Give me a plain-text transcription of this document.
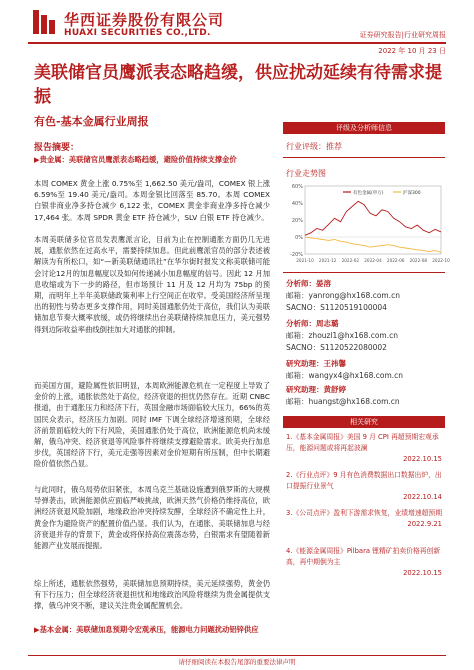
华西证券股份有限公司
HUAXI SECURITIES CO.,LTD.	证券研究报告|行业研究周报
2022 年 10 月 23 日
美联储官员鹰派表态略趋缓，供应扰动延续有待需求提振
有色-基本金属行业周报	评级及分析师信息
行业评级：推荐
行业走势图
有色金属(申万)	沪深300
60%
40%
20%
0%
-20%
2021-10 2021-12 2022-02 2022-04 2022-06 2022-08 2022-10
分析师：晏溶
邮箱：yanrong@hx168.com.cn
SACNO：S1120519100004
分析师：周志璐
邮箱：zhouzl1@hx168.com.cn
SACNO：S1120522080002
研究助理：王祎馨
邮箱：wangyx4@hx168.com.cn
研究助理：黄舒婷
邮箱：huangst@hx168.com.cn
相关研究
1.《基本金属周报》美国 9 月 CPI 再超预期宏观承压，能源问题或将再起波澜
2022.10.15
2.《行业点评》9 月有色消费数据出口数据出炉，出口提振行业景气
2022.10.14
3.《公司点评》盈利下游需求恢复，业绩增速超预期
2022.9.21
4.《能源金属周报》Pilbara 锂精矿拍卖价格再创新高，再中期倒为主
2022.10.15
报告摘要：
▶贵金属：美联储官员鹰派表态略趋缓，避险价值持续支撑金价
本周 COMEX 黄金上涨 0.75%至 1,662.50 美元/盎司，COMEX 银上涨 6.59%至 19.40 美元/盎司。本周金银比回落至 85.70。本周 COMEX 白银非商业净多持仓减少 6,122 张，COMEX 黄金非商业净多持仓减少 17,464 张。本周 SPDR 黄金 ETF 持仓减少，SLV 白银 ETF 持仓减少。
本周美联储多位官员发表鹰派言论，目前为止在控制通胀方面仍几无进展，通胀依然在过高水平，需要持续加息。但此前鹰派官员的部分表述被解读为有所松口，如“—新美联储通讯社”在华尔街时报发文称美联储可能会讨论12月的加息幅度以及如何传递减小加息幅度的信号。因此 12 月加息收缩或为下一步的路径，但市场预计 11 月及 12 月均为 75bp 的预期，而明年上半年美联储政策利率上行空间正在收窄。受美国经济所呈现出的韧性与势态更多支撑作用，同时美国通胀仍处于高位，我们认为美联储加息节奏大概率放缓，或仍将继续出台美联储持续加息压力，美元强势得到边际收益率曲线倒挂加大对通胀的抑制。
而美国方面，避险属性依旧明显，本周欧洲能源危机在一定程度上导致了金价的上涨，通胀依然处于高位，经济衰退的担忧仍然存在。近期 CNBC 报道，由于通胀压力和经济下行，英国金融市场面临较大压力，66%的英国民众表示，经济压力加剧。同时 IMF 下调全球经济增速预期，全球经济前景面临较大的下行风险，美国通胀仍处于高位，欧洲能源危机尚未缓解，俄乌冲突、经济衰退等风险事件将继续支撑避险需求。欧美央行加息步伐，英国经济下行，美元走强等因素对金价短期有所压制，但中长期避险价值依然凸显。
与此同时，俄乌局势依旧紧张，本周乌克兰基础设施遭到俄罗斯的大规模导弹袭击，欧洲能源供应面临严峻挑战，欧洲天然气价格仍维持高位，欧洲经济衰退风险加剧，地缘政治冲突持续发酵，全球经济不确定性上升，黄金作为避险资产的配置价值凸显。我们认为，在通胀、美联储加息与经济衰退并存的背景下，黄金或将保持高位震荡态势，白银需求有望随着新能源产业发展而提振。
综上所述，通胀依然强势，美联储加息预期持续，美元延续强势，黄金仍有下行压力；但全球经济衰退担忧和地缘政治风险将继续为贵金属提供支撑，俄乌冲突不断，建议关注贵金属配置机会。
▶基本金属：美联储加息预期令宏观承压，能源电力问题扰动铝锌供应
请仔细阅读在本报告尾部的重要法律声明
